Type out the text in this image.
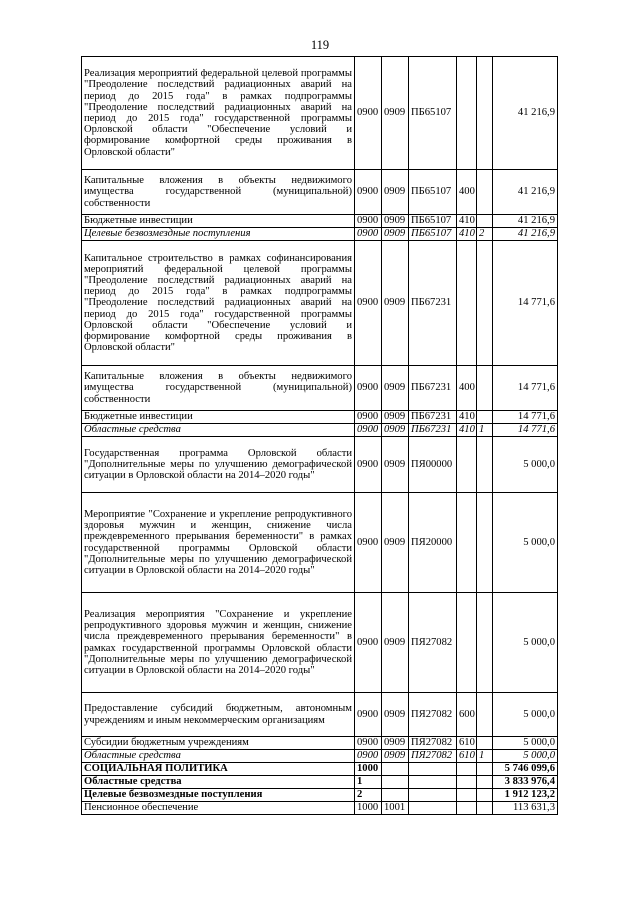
119
Реализация мероприятий федеральной целевой программы "Преодоление последствий радиационных аварий на период до 2015 года" в рамках подпрограммы "Преодоление последствий радиационных аварий на период до 2015 года" государственной программы Орловской области "Обеспечение условий и формирование комфортной среды проживания в Орловской области"	0900	0909	ПБ65107			41 216,9
Капитальные вложения в объекты недвижимого имущества государственной (муниципальной) собственности	0900	0909	ПБ65107	400		41 216,9
Бюджетные инвестиции	0900	0909	ПБ65107	410		41 216,9
Целевые безвозмездные поступления	0900	0909	ПБ65107	410	2	41 216,9
Капитальное строительство в рамках софинансирования мероприятий федеральной целевой программы "Преодоление последствий радиационных аварий на период до 2015 года" в рамках подпрограммы "Преодоление последствий радиационных аварий на период до 2015 года" государственной программы Орловской области "Обеспечение условий и формирование комфортной среды проживания в Орловской области"	0900	0909	ПБ67231			14 771,6
Капитальные вложения в объекты недвижимого имущества государственной (муниципальной) собственности	0900	0909	ПБ67231	400		14 771,6
Бюджетные инвестиции	0900	0909	ПБ67231	410		14 771,6
Областные средства	0900	0909	ПБ67231	410	1	14 771,6
Государственная программа Орловской области "Дополнительные меры по улучшению демографической ситуации в Орловской области на 2014–2020 годы"	0900	0909	ПЯ00000			5 000,0
Мероприятие "Сохранение и укрепление репродуктивного здоровья мужчин и женщин, снижение числа преждевременного прерывания беременности" в рамках государственной программы Орловской области "Дополнительные меры по улучшению демографической ситуации в Орловской области на 2014–2020 годы"	0900	0909	ПЯ20000			5 000,0
Реализация мероприятия "Сохранение и укрепление репродуктивного здоровья мужчин и женщин, снижение числа преждевременного прерывания беременности" в рамках государственной программы Орловской области "Дополнительные меры по улучшению демографической ситуации в Орловской области на 2014–2020 годы"	0900	0909	ПЯ27082			5 000,0
Предоставление субсидий бюджетным, автономным учреждениям и иным некоммерческим организациям	0900	0909	ПЯ27082	600		5 000,0
Субсидии бюджетным учреждениям	0900	0909	ПЯ27082	610		5 000,0
Областные средства	0900	0909	ПЯ27082	610	1	5 000,0
СОЦИАЛЬНАЯ ПОЛИТИКА	1000					5 746 099,6
Областные средства	1					3 833 976,4
Целевые безвозмездные поступления	2					1 912 123,2
Пенсионное обеспечение	1000	1001				113 631,3
